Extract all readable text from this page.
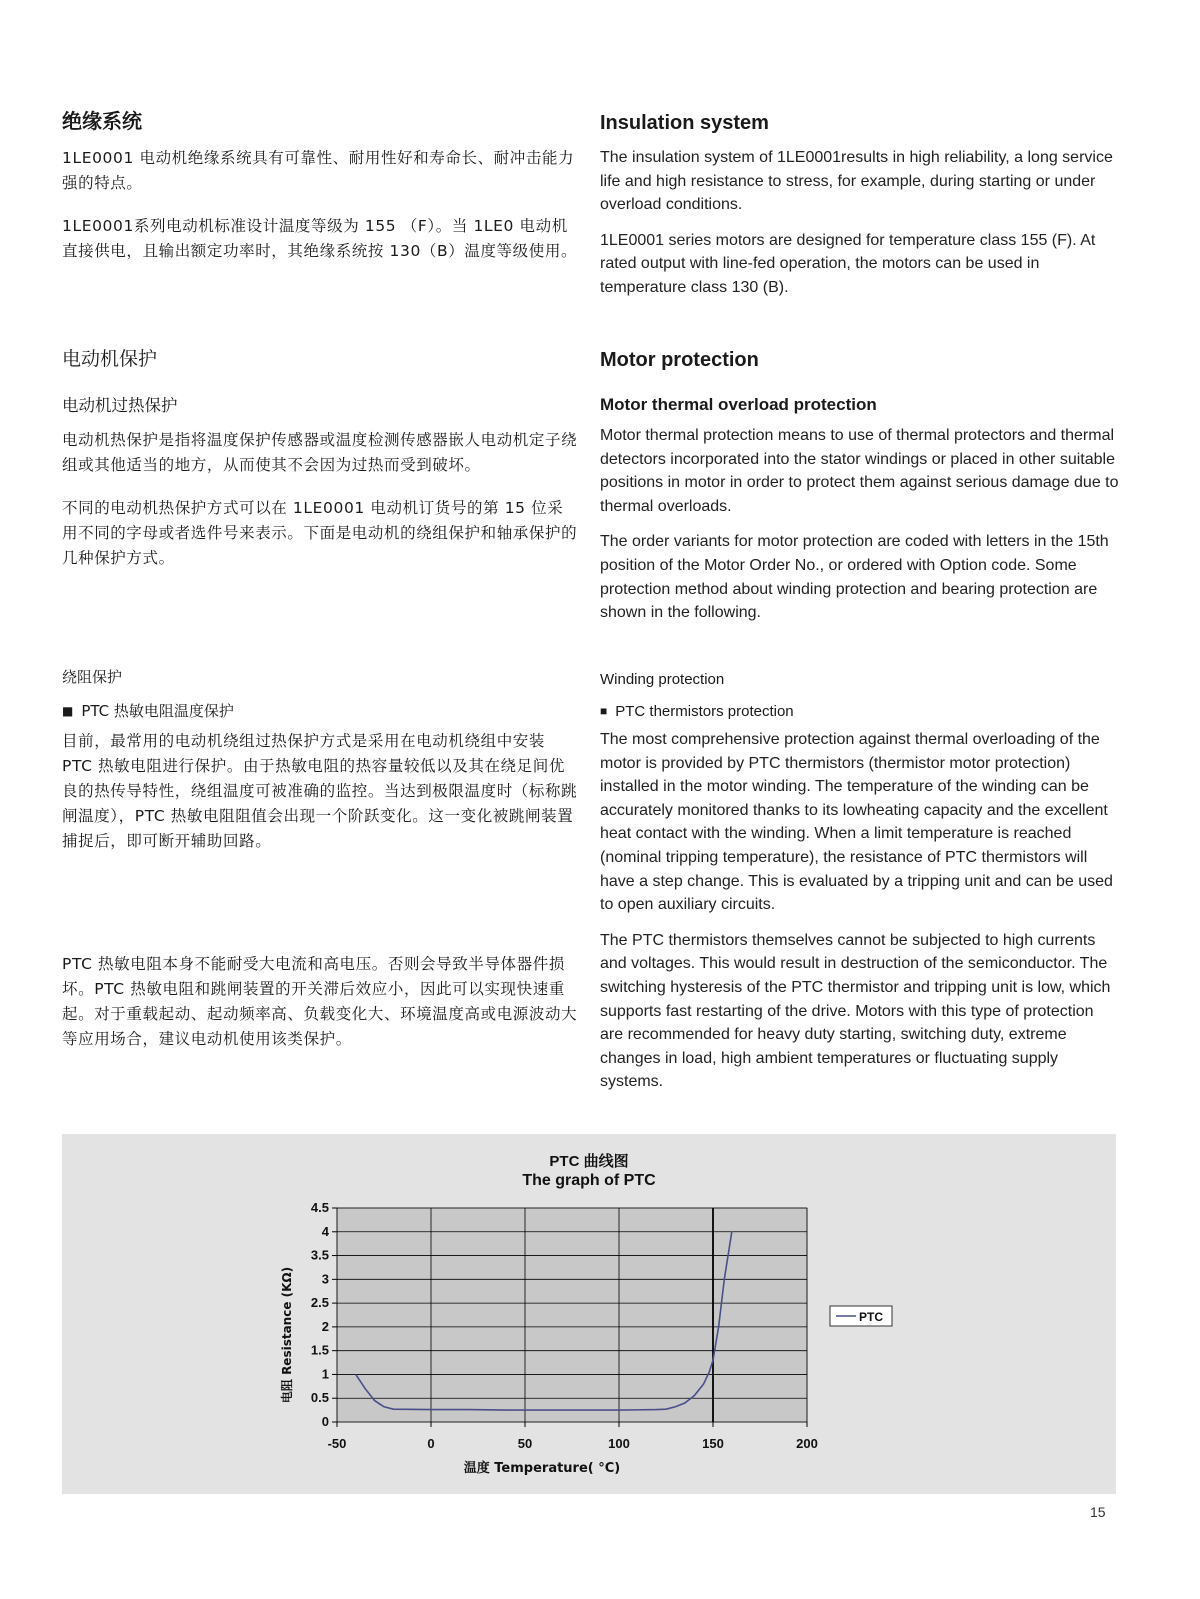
绝缘系统

1LE0001 电动机绝缘系统具有可靠性、耐用性好和寿命长、耐冲击能力强的特点。

1LE0001系列电动机标准设计温度等级为 155 （F）。当 1LE0 电动机直接供电，且输出额定功率时，其绝缘系统按 130（B）温度等级使用。

电动机保护

电动机过热保护

电动机热保护是指将温度保护传感器或温度检测传感器嵌人电动机定子绕组或其他适当的地方，从而使其不会因为过热而受到破坏。

不同的电动机热保护方式可以在 1LE0001 电动机订货号的第 15 位采用不同的字母或者选件号来表示。下面是电动机的绕组保护和轴承保护的几种保护方式。

绕阻保护

■ PTC 热敏电阻温度保护

目前，最常用的电动机绕组过热保护方式是采用在电动机绕组中安装 PTC 热敏电阻进行保护。由于热敏电阻的热容量较低以及其在绕足间优良的热传导特性，绕组温度可被准确的监控。当达到极限温度时（标称跳闸温度），PTC 热敏电阻阻值会出现一个阶跃变化。这一变化被跳闸装置捕捉后，即可断开辅助回路。

PTC 热敏电阻本身不能耐受大电流和高电压。否则会导致半导体器件损坏。PTC 热敏电阻和跳闸装置的开关滞后效应小，因此可以实现快速重起。对于重载起动、起动频率高、负载变化大、环境温度高或电源波动大等应用场合，建议电动机使用该类保护。

Insulation system

The insulation system of 1LE0001results in high reliability, a long service life and high resistance to stress, for example, during starting or under overload conditions.

1LE0001 series motors are designed for temperature class 155 (F). At rated output with line-fed operation, the motors can be used in temperature class 130 (B).

Motor protection

Motor thermal overload protection

Motor thermal protection means to use of thermal protectors and thermal detectors incorporated into the stator windings or placed in other suitable positions in motor in order to protect them against serious damage due to thermal overloads.

The order variants for motor protection are coded with letters in the 15th position of the Motor Order No., or ordered with Option code. Some protection method about winding protection and bearing protection are shown in the following.

Winding protection

■ PTC thermistors protection

The most comprehensive protection against thermal overloading of the motor is provided by PTC thermistors (thermistor motor protection) installed in the motor winding. The temperature of the winding can be accurately monitored thanks to its lowheating capacity and the excellent heat contact with the winding. When a limit temperature is reached (nominal tripping temperature), the resistance of PTC thermistors will have a step change. This is evaluated by a tripping unit and can be used to open auxiliary circuits.

The PTC thermistors themselves cannot be subjected to high currents and voltages. This would result in destruction of the semiconductor. The switching hysteresis of the PTC thermistor and tripping unit is low, which supports fast restarting of the drive. Motors with this type of protection are recommended for heavy duty starting, switching duty, extreme changes in load, high ambient temperatures or fluctuating supply systems.

PTC 曲线图
The graph of PTC
-50	0	50	100	150	200
0
0.5
1
1.5
2
2.5
3
3.5
4
4.5
温度 Temperature( °C)
电阻 Resistance (KΩ)	PTC
15
